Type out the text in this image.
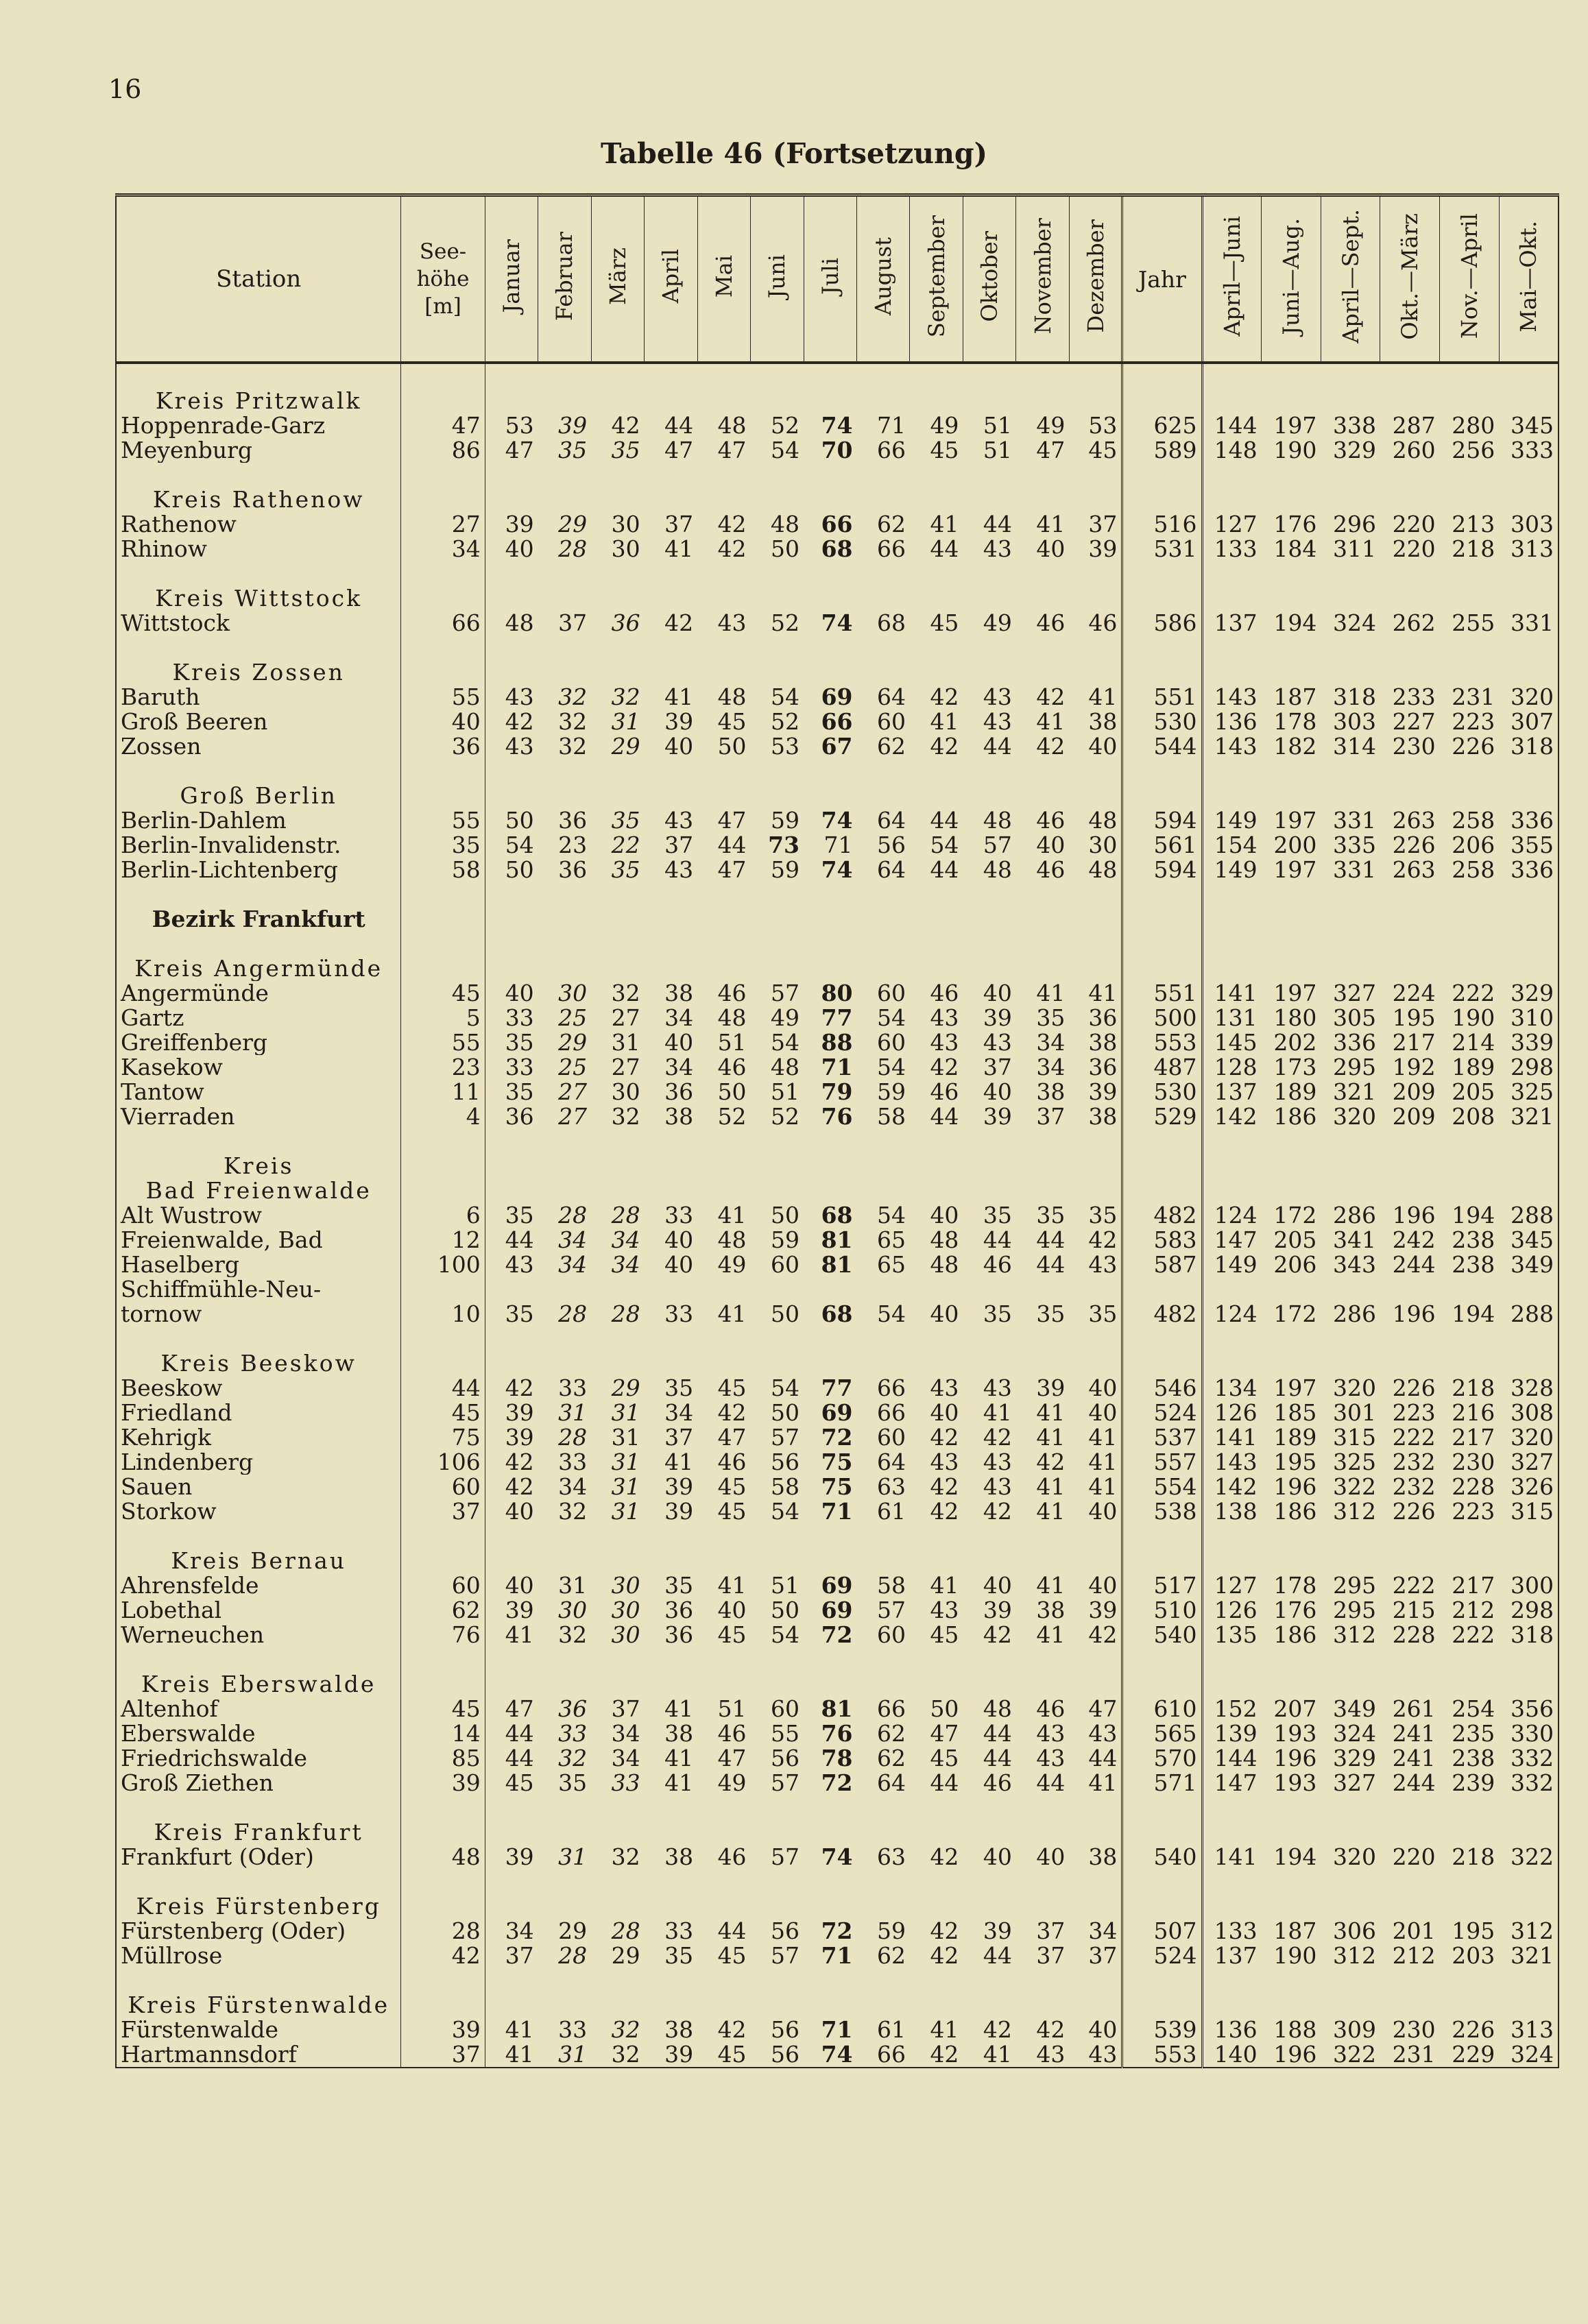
16
Tabelle 46 (Fortsetzung)
Station	See-
höhe
[m]	Januar	Februar	März	April	Mai	Juni	Juli	August	September	Oktober	November	Dezember	Jahr	April—Juni	Juni—Aug.	April—Sept.	Okt.—März	Nov.—April	Mai—Okt.

Kreis Pritzwalk																				
Hoppenrade-Garz	47	53	39	42	44	48	52	74	71	49	51	49	53	625	144	197	338	287	280	345
Meyenburg	86	47	35	35	47	47	54	70	66	45	51	47	45	589	148	190	329	260	256	333

Kreis Rathenow																				
Rathenow	27	39	29	30	37	42	48	66	62	41	44	41	37	516	127	176	296	220	213	303
Rhinow	34	40	28	30	41	42	50	68	66	44	43	40	39	531	133	184	311	220	218	313

Kreis Wittstock																				
Wittstock	66	48	37	36	42	43	52	74	68	45	49	46	46	586	137	194	324	262	255	331

Kreis Zossen																				
Baruth	55	43	32	32	41	48	54	69	64	42	43	42	41	551	143	187	318	233	231	320
Groß Beeren	40	42	32	31	39	45	52	66	60	41	43	41	38	530	136	178	303	227	223	307
Zossen	36	43	32	29	40	50	53	67	62	42	44	42	40	544	143	182	314	230	226	318

Groß Berlin																				
Berlin-Dahlem	55	50	36	35	43	47	59	74	64	44	48	46	48	594	149	197	331	263	258	336
Berlin-Invalidenstr.	35	54	23	22	37	44	73	71	56	54	57	40	30	561	154	200	335	226	206	355
Berlin-Lichtenberg	58	50	36	35	43	47	59	74	64	44	48	46	48	594	149	197	331	263	258	336

Bezirk Frankfurt																				

Kreis Angermünde																				
Angermünde	45	40	30	32	38	46	57	80	60	46	40	41	41	551	141	197	327	224	222	329
Gartz	5	33	25	27	34	48	49	77	54	43	39	35	36	500	131	180	305	195	190	310
Greiffenberg	55	35	29	31	40	51	54	88	60	43	43	34	38	553	145	202	336	217	214	339
Kasekow	23	33	25	27	34	46	48	71	54	42	37	34	36	487	128	173	295	192	189	298
Tantow	11	35	27	30	36	50	51	79	59	46	40	38	39	530	137	189	321	209	205	325
Vierraden	4	36	27	32	38	52	52	76	58	44	39	37	38	529	142	186	320	209	208	321

Kreis																				
Bad Freienwalde																				
Alt Wustrow	6	35	28	28	33	41	50	68	54	40	35	35	35	482	124	172	286	196	194	288
Freienwalde, Bad	12	44	34	34	40	48	59	81	65	48	44	44	42	583	147	205	341	242	238	345
Haselberg	100	43	34	34	40	49	60	81	65	48	46	44	43	587	149	206	343	244	238	349
Schiffmühle-Neu-																				
tornow	10	35	28	28	33	41	50	68	54	40	35	35	35	482	124	172	286	196	194	288

Kreis Beeskow																				
Beeskow	44	42	33	29	35	45	54	77	66	43	43	39	40	546	134	197	320	226	218	328
Friedland	45	39	31	31	34	42	50	69	66	40	41	41	40	524	126	185	301	223	216	308
Kehrigk	75	39	28	31	37	47	57	72	60	42	42	41	41	537	141	189	315	222	217	320
Lindenberg	106	42	33	31	41	46	56	75	64	43	43	42	41	557	143	195	325	232	230	327
Sauen	60	42	34	31	39	45	58	75	63	42	43	41	41	554	142	196	322	232	228	326
Storkow	37	40	32	31	39	45	54	71	61	42	42	41	40	538	138	186	312	226	223	315

Kreis Bernau																				
Ahrensfelde	60	40	31	30	35	41	51	69	58	41	40	41	40	517	127	178	295	222	217	300
Lobethal	62	39	30	30	36	40	50	69	57	43	39	38	39	510	126	176	295	215	212	298
Werneuchen	76	41	32	30	36	45	54	72	60	45	42	41	42	540	135	186	312	228	222	318

Kreis Eberswalde																				
Altenhof	45	47	36	37	41	51	60	81	66	50	48	46	47	610	152	207	349	261	254	356
Eberswalde	14	44	33	34	38	46	55	76	62	47	44	43	43	565	139	193	324	241	235	330
Friedrichswalde	85	44	32	34	41	47	56	78	62	45	44	43	44	570	144	196	329	241	238	332
Groß Ziethen	39	45	35	33	41	49	57	72	64	44	46	44	41	571	147	193	327	244	239	332

Kreis Frankfurt																				
Frankfurt (Oder)	48	39	31	32	38	46	57	74	63	42	40	40	38	540	141	194	320	220	218	322

Kreis Fürstenberg																				
Fürstenberg (Oder)	28	34	29	28	33	44	56	72	59	42	39	37	34	507	133	187	306	201	195	312
Müllrose	42	37	28	29	35	45	57	71	62	42	44	37	37	524	137	190	312	212	203	321

Kreis Fürstenwalde																				
Fürstenwalde	39	41	33	32	38	42	56	71	61	41	42	42	40	539	136	188	309	230	226	313
Hartmannsdorf	37	41	31	32	39	45	56	74	66	42	41	43	43	553	140	196	322	231	229	324
